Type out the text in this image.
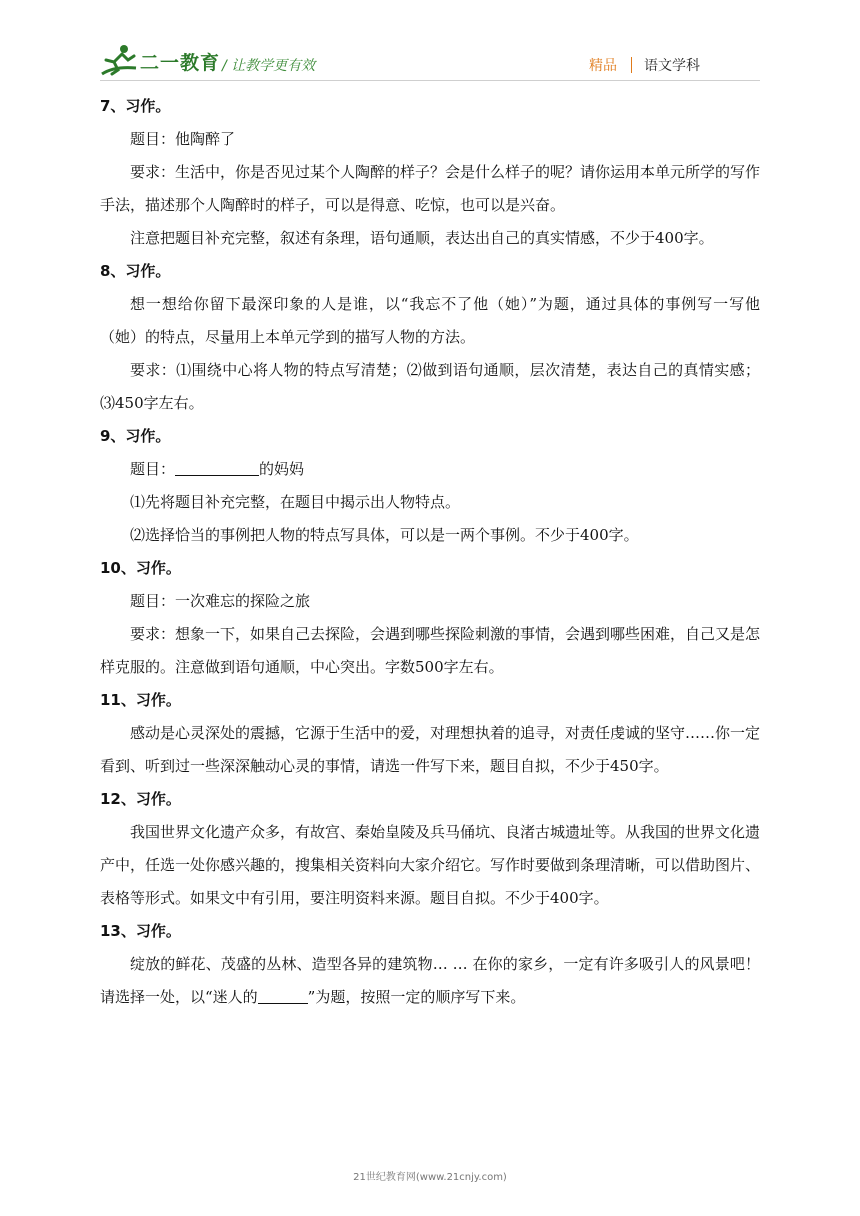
二一教育 / 让教学更有效	精品 语文学科
7、习作。

题目：他陶醉了

要求：生活中，你是否见过某个人陶醉的样子？会是什么样子的呢？请你运用本单元所学的写作手法，描述那个人陶醉时的样子，可以是得意、吃惊，也可以是兴奋。

注意把题目补充完整，叙述有条理，语句通顺，表达出自己的真实情感，不少于400字。

8、习作。

想一想给你留下最深印象的人是谁，以“我忘不了他（她）”为题，通过具体的事例写一写他（她）的特点，尽量用上本单元学到的描写人物的方法。

要求：⑴围绕中心将人物的特点写清楚；⑵做到语句通顺，层次清楚，表达自己的真情实感；⑶450字左右。

9、习作。

题目：	的妈妈

⑴先将题目补充完整，在题目中揭示出人物特点。

⑵选择恰当的事例把人物的特点写具体，可以是一两个事例。不少于400字。

10、习作。

题目：一次难忘的探险之旅

要求：想象一下，如果自己去探险，会遇到哪些探险刺激的事情，会遇到哪些困难，自己又是怎样克服的。注意做到语句通顺，中心突出。字数500字左右。

11、习作。

感动是心灵深处的震撼，它源于生活中的爱，对理想执着的追寻，对责任虔诚的坚守……你一定看到、听到过一些深深触动心灵的事情，请选一件写下来，题目自拟，不少于450字。

12、习作。

我国世界文化遗产众多，有故宫、秦始皇陵及兵马俑坑、良渚古城遗址等。从我国的世界文化遗产中，任选一处你感兴趣的，搜集相关资料向大家介绍它。写作时要做到条理清晰，可以借助图片、表格等形式。如果文中有引用，要注明资料来源。题目自拟。不少于400字。

13、习作。

绽放的鲜花、茂盛的丛林、造型各异的建筑物… … 在你的家乡，一定有许多吸引人的风景吧！请选择一处，以“迷人的	”为题，按照一定的顺序写下来。

21世纪教育网(www.21cnjy.com)
